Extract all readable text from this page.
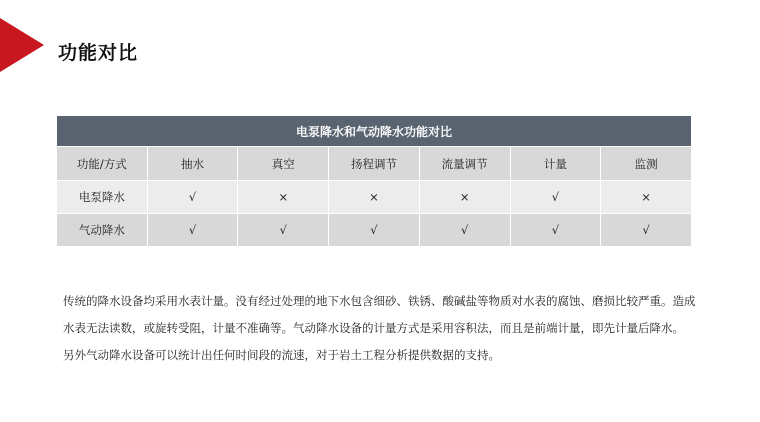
功能对比
电泵降水和气动降水功能对比						
功能/方式	抽水	真空	扬程调节	流量调节	计量	监测
电泵降水	√	×	×	×	√	×
气动降水	√	√	√	√	√	√

传统的降水设备均采用水表计量。没有经过处理的地下水包含细砂、铁锈、酸碱盐等物质对水表的腐蚀、磨损比较严重。造成

水表无法读数，或旋转受阻，计量不准确等。气动降水设备的计量方式是采用容积法，而且是前端计量，即先计量后降水。

另外气动降水设备可以统计出任何时间段的流速，对于岩土工程分析提供数据的支持。
